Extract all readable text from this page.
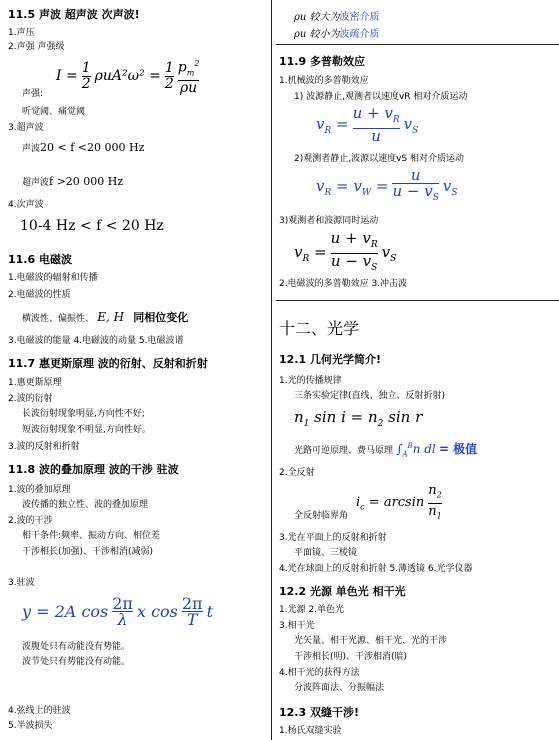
11.5 声波 超声波 次声波!
1.声压
2.声强 声强级
$I = \frac{1}{2} \rho uA^2\omega^2 = \frac{1}{2} \frac{p_m^2}{\rho u}$
声强:
听觉阈、痛觉阈
3.超声波
声波20 < f <20 000 Hz
超声波f >20 000 Hz
4.次声波
10-4 Hz < f < 20 Hz
11.6 电磁波
1.电磁波的辐射和传播
2.电磁波的性质
横波性、偏振性、 E, H 同相位变化
3.电磁波的能量 4.电磁波的动量 5.电磁波谱
11.7 惠更斯原理 波的衍射、反射和折射
1.惠更斯原理
2.波的衍射
长波衍射现象明显,方向性不好;
短波衍射现象不明显,方向性好。
3.波的反射和折射
11.8 波的叠加原理 波的干涉 驻波
1.波的叠加原理
波传播的独立性、波的叠加原理
2.波的干涉
相干条件:频率、振动方向、相位差
干涉相长(加强)、干涉相消(减弱)
3.驻波
y = 2A $\cos \frac{2\pi}{\lambda}$ x $\cos \frac{2\pi}{T}$ t
波腹处只有动能没有势能。
波节处只有势能没有动能。
4.弦线上的驻波
5.半波损失
ρu 较大为波密介质
ρu 较小为波疏介质
11.9 多普勒效应
1.机械波的多普勒效应
1) 波源静止,观测者以速度vR 相对介质运动
$v_R = \frac{u + v_R}{u} v_S$
2)观测者静止,波源以速度vS 相对介质运动
$v_R = v_W = \frac{u}{u - v_S} v_S$
3)观测者和波源同时运动
$v_R = \frac{u + v_R}{u - v_S} v_S$
2.电磁波的多普勒效应 3.冲击波
十二、光学
12.1 几何光学简介!
1.光的传播规律
三条实验定律(直线、独立、反射折射)
$n_1$ $\sin i = n_2$ sin r
光路可逆原理、费马原理 $\int_A^Bn$ dl = 极值
2.全反射
$i_c = \arcsin \frac{n_2}{n_1}$
全反射临界角
3.光在平面上的反射和折射
平面镜、三棱镜
4.光在球面上的反射和折射 5.薄透镜 6.光学仪器
12.2 光源 单色光 相干光
1.光源 2.单色光
3.相干光
光矢量、相干光源、相干光、光的干涉
干涉相长(明)、干涉相消(暗)
4.相干光的获得方法
分波阵面法、分振幅法
12.3 双缝干涉!
1.杨氏双缝实验
